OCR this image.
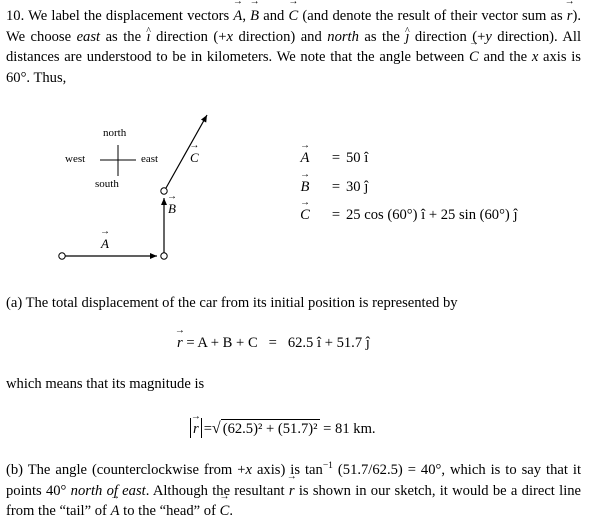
10. We label the displacement vectors → A, → B and → C (and denote the result of their vector sum as → r). We choose east as the ^ ı direction (+x direction) and north as the ^ ȷ direction (+y direction). All distances are understood to be in kilometers. We note that the angle between → C and the x axis is 60°. Thus,

north
south
west	east
→ A
→ B
→ C	→ A	= 50 î
→ B	= 30 ĵ
→ C	= 25 cos (60°) î + 25 sin (60°) ĵ

(a) The total displacement of the car from its initial position is represented by

→ r = A + B + C   =   62.5 î + 51.7 ĵ

which means that its magnitude is

→ r =√ (62.5)² + (51.7)² = 81 km.

(b) The angle (counterclockwise from +x axis) is $\tan^{-1} (51.7/62.5) = 40^\circ$, which is to say that it points 40° north of east. Although the resultant → r is shown in our sketch, it would be a direct line from the “tail” of → A to the “head” of → C.
